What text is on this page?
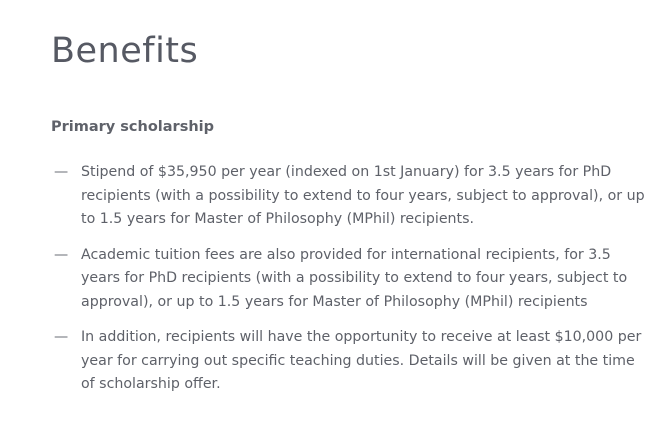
Benefits
Primary scholarship
— Stipend of $35,950 per year (indexed on 1st January) for 3.5 years for PhD recipients (with a possibility to extend to four years, subject to approval), or up to 1.5 years for Master of Philosophy (MPhil) recipients.
— Academic tuition fees are also provided for international recipients, for 3.5 years for PhD recipients (with a possibility to extend to four years, subject to approval), or up to 1.5 years for Master of Philosophy (MPhil) recipients
— In addition, recipients will have the opportunity to receive at least $10,000 per year for carrying out specific teaching duties. Details will be given at the time of scholarship offer.
